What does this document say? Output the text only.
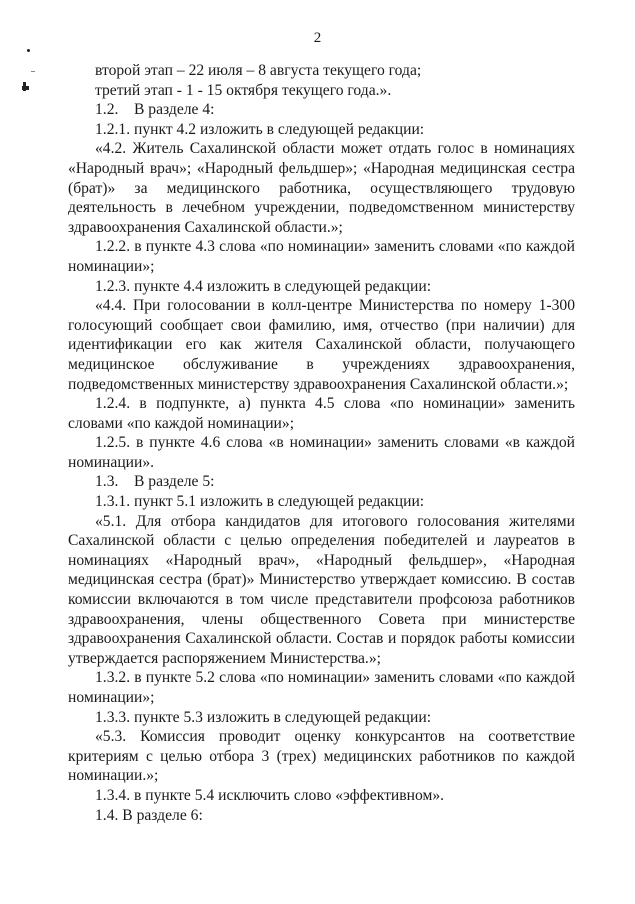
2

второй этап – 22 июля – 8 августа текущего года;

третий этап - 1 - 15 октября текущего года.».

1.2.    В разделе 4:

1.2.1. пункт 4.2 изложить в следующей редакции:

«4.2. Житель Сахалинской области может отдать голос в номинациях «Народный врач»; «Народный фельдшер»; «Народная медицинская сестра (брат)» за медицинского работника, осуществляющего трудовую деятельность в лечебном учреждении, подведомственном министерству здравоохранения Сахалинской области.»;

1.2.2. в пункте 4.3 слова «по номинации» заменить словами «по каждой номинации»;

1.2.3. пункте 4.4 изложить в следующей редакции:

«4.4. При голосовании в колл-центре Министерства по номеру 1-300 голосующий сообщает свои фамилию, имя, отчество (при наличии) для идентификации его как жителя Сахалинской области, получающего медицинское обслуживание в учреждениях здравоохранения, подведомственных министерству здравоохранения Сахалинской области.»;

1.2.4. в подпункте, а) пункта 4.5 слова «по номинации» заменить словами «по каждой номинации»;

1.2.5. в пункте 4.6 слова «в номинации» заменить словами «в каждой номинации».

1.3.    В разделе 5:

1.3.1. пункт 5.1 изложить в следующей редакции:

«5.1. Для отбора кандидатов для итогового голосования жителями Сахалинской области с целью определения победителей и лауреатов в номинациях «Народный врач», «Народный фельдшер», «Народная медицинская сестра (брат)» Министерство утверждает комиссию. В состав комиссии включаются в том числе представители профсоюза работников здравоохранения, члены общественного Совета при министерстве здравоохранения Сахалинской области. Состав и порядок работы комиссии утверждается распоряжением Министерства.»;

1.3.2. в пункте 5.2 слова «по номинации» заменить словами «по каждой номинации»;

1.3.3. пункте 5.3 изложить в следующей редакции:

«5.3. Комиссия проводит оценку конкурсантов на соответствие критериям с целью отбора 3 (трех) медицинских работников по каждой номинации.»;

1.3.4. в пункте 5.4 исключить слово «эффективном».

1.4. В разделе 6:
